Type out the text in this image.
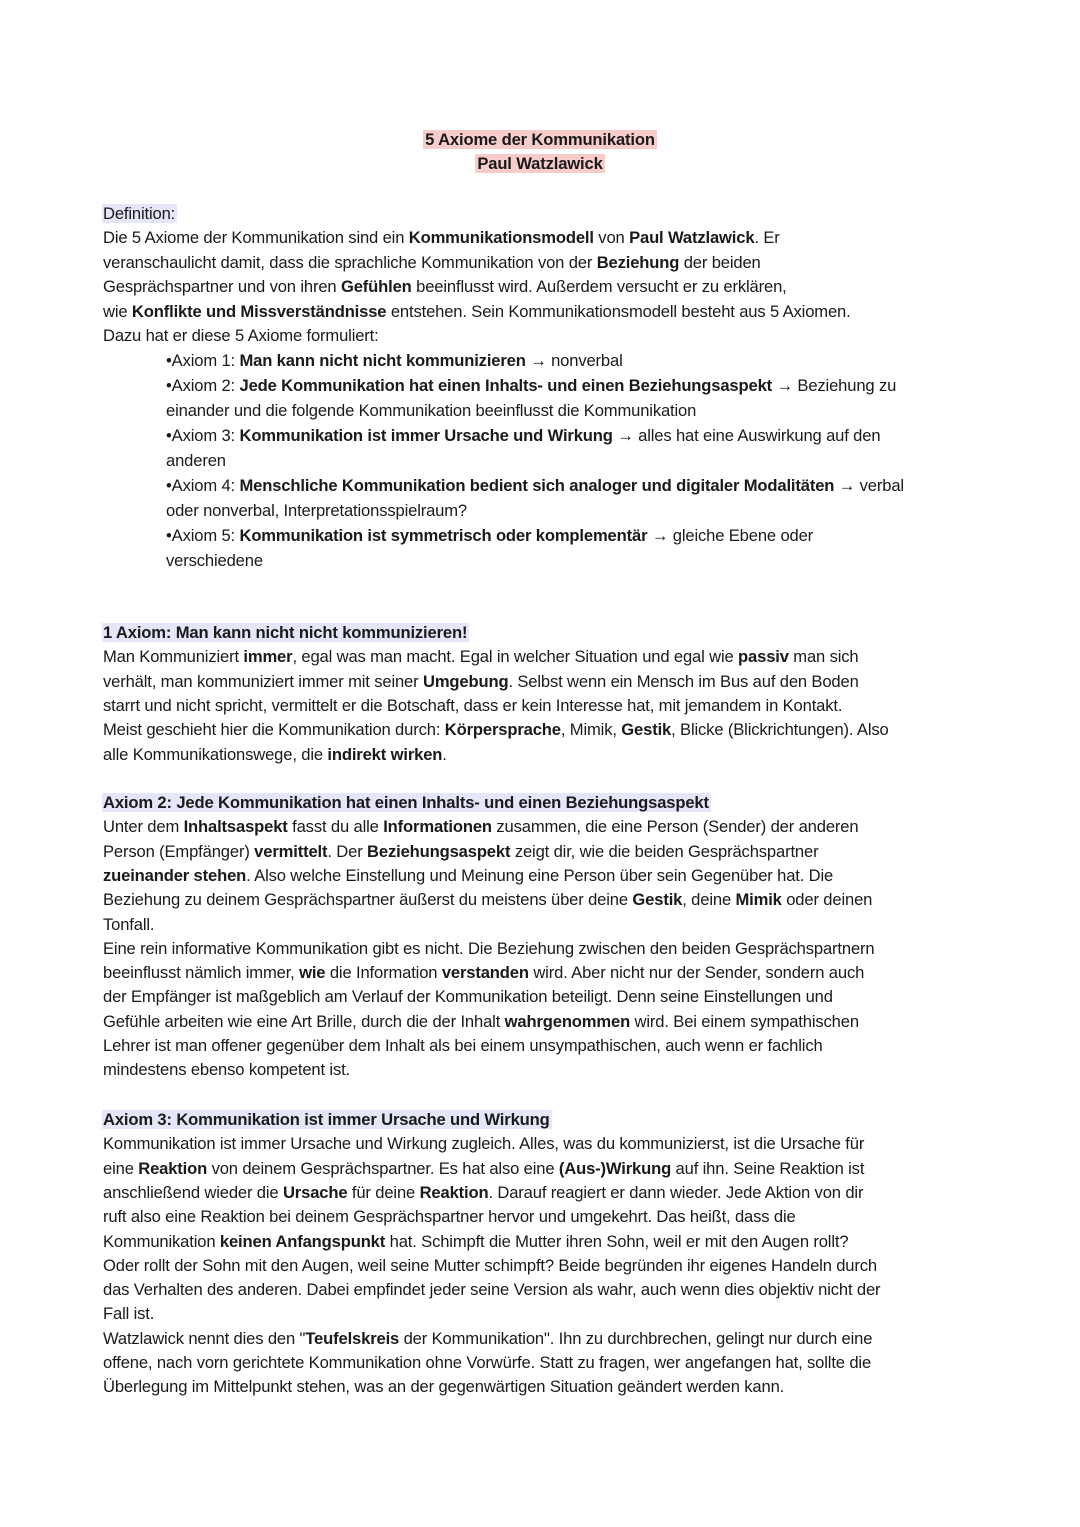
5 Axiome der Kommunikation
Paul Watzlawick
Definition:
Die 5 Axiome der Kommunikation sind ein Kommunikationsmodell von Paul Watzlawick. Er
veranschaulicht damit, dass die sprachliche Kommunikation von der Beziehung der beiden
Gesprächspartner und von ihren Gefühlen beeinflusst wird. Außerdem versucht er zu erklären,
wie Konflikte und Missverständnisse entstehen. Sein Kommunikationsmodell besteht aus 5 Axiomen.
Dazu hat er diese 5 Axiome formuliert:
•Axiom 1: Man kann nicht nicht kommunizieren → nonverbal
•Axiom 2: Jede Kommunikation hat einen Inhalts- und einen Beziehungsaspekt → Beziehung zu
einander und die folgende Kommunikation beeinflusst die Kommunikation
•Axiom 3: Kommunikation ist immer Ursache und Wirkung → alles hat eine Auswirkung auf den
anderen
•Axiom 4: Menschliche Kommunikation bedient sich analoger und digitaler Modalitäten → verbal
oder nonverbal, Interpretationsspielraum?
•Axiom 5: Kommunikation ist symmetrisch oder komplementär → gleiche Ebene oder
verschiedene
1 Axiom: Man kann nicht nicht kommunizieren!
Man Kommuniziert immer, egal was man macht. Egal in welcher Situation und egal wie passiv man sich
verhält, man kommuniziert immer mit seiner Umgebung. Selbst wenn ein Mensch im Bus auf den Boden
starrt und nicht spricht, vermittelt er die Botschaft, dass er kein Interesse hat, mit jemandem in Kontakt.
Meist geschieht hier die Kommunikation durch: Körpersprache, Mimik, Gestik, Blicke (Blickrichtungen). Also
alle Kommunikationswege, die indirekt wirken.
Axiom 2: Jede Kommunikation hat einen Inhalts- und einen Beziehungsaspekt
Unter dem Inhaltsaspekt fasst du alle Informationen zusammen, die eine Person (Sender) der anderen
Person (Empfänger) vermittelt. Der Beziehungsaspekt zeigt dir, wie die beiden Gesprächspartner
zueinander stehen. Also welche Einstellung und Meinung eine Person über sein Gegenüber hat. Die
Beziehung zu deinem Gesprächspartner äußerst du meistens über deine Gestik, deine Mimik oder deinen
Tonfall.
Eine rein informative Kommunikation gibt es nicht. Die Beziehung zwischen den beiden Gesprächspartnern
beeinflusst nämlich immer, wie die Information verstanden wird. Aber nicht nur der Sender, sondern auch
der Empfänger ist maßgeblich am Verlauf der Kommunikation beteiligt. Denn seine Einstellungen und
Gefühle arbeiten wie eine Art Brille, durch die der Inhalt wahrgenommen wird. Bei einem sympathischen
Lehrer ist man offener gegenüber dem Inhalt als bei einem unsympathischen, auch wenn er fachlich
mindestens ebenso kompetent ist.
Axiom 3: Kommunikation ist immer Ursache und Wirkung
Kommunikation ist immer Ursache und Wirkung zugleich. Alles, was du kommunizierst, ist die Ursache für
eine Reaktion von deinem Gesprächspartner. Es hat also eine (Aus-)Wirkung auf ihn. Seine Reaktion ist
anschließend wieder die Ursache für deine Reaktion. Darauf reagiert er dann wieder. Jede Aktion von dir
ruft also eine Reaktion bei deinem Gesprächspartner hervor und umgekehrt. Das heißt, dass die
Kommunikation keinen Anfangspunkt hat. Schimpft die Mutter ihren Sohn, weil er mit den Augen rollt?
Oder rollt der Sohn mit den Augen, weil seine Mutter schimpft? Beide begründen ihr eigenes Handeln durch
das Verhalten des anderen. Dabei empfindet jeder seine Version als wahr, auch wenn dies objektiv nicht der
Fall ist.
Watzlawick nennt dies den "Teufelskreis der Kommunikation". Ihn zu durchbrechen, gelingt nur durch eine
offene, nach vorn gerichtete Kommunikation ohne Vorwürfe. Statt zu fragen, wer angefangen hat, sollte die
Überlegung im Mittelpunkt stehen, was an der gegenwärtigen Situation geändert werden kann.
